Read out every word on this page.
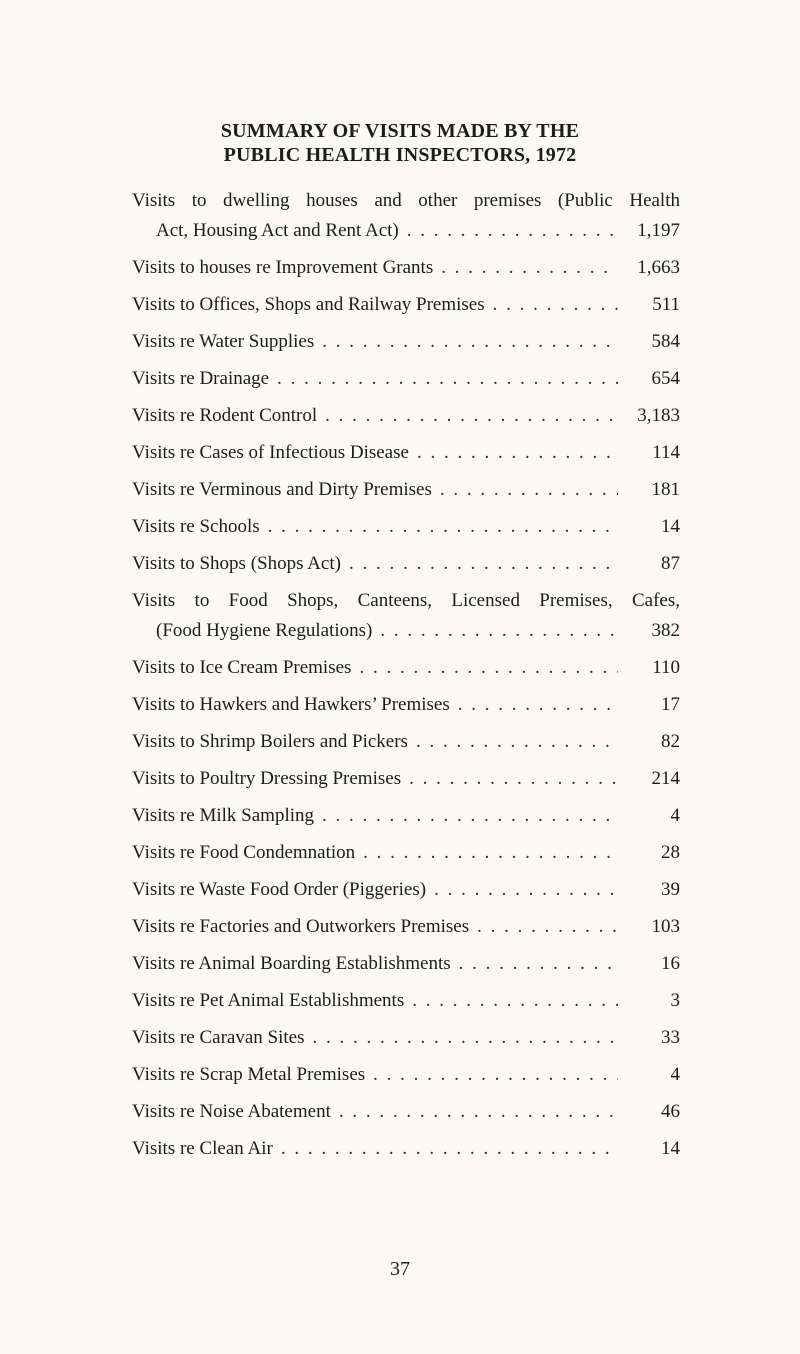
SUMMARY OF VISITS MADE BY THE
PUBLIC HEALTH INSPECTORS, 1972
Visits to dwelling houses and other premises (Public Health
Act, Housing Act and Rent Act) . . .	1,197
Visits to houses re Improvement Grants . . .	1,663
Visits to Offices, Shops and Railway Premises . . .	511
Visits re Water Supplies . . .	584
Visits re Drainage . . .	654
Visits re Rodent Control . . .	3,183
Visits re Cases of Infectious Disease . . .	114
Visits re Verminous and Dirty Premises . . .	181
Visits re Schools . . .	14
Visits to Shops (Shops Act) . . .	87
Visits to Food Shops, Canteens, Licensed Premises, Cafes,
(Food Hygiene Regulations) . . .	382
Visits to Ice Cream Premises . . .	110
Visits to Hawkers and Hawkers’ Premises . . .	17
Visits to Shrimp Boilers and Pickers . . .	82
Visits to Poultry Dressing Premises . . .	214
Visits re Milk Sampling . . .	4
Visits re Food Condemnation . . .	28
Visits re Waste Food Order (Piggeries) . . .	39
Visits re Factories and Outworkers Premises . . .	103
Visits re Animal Boarding Establishments . . .	16
Visits re Pet Animal Establishments . . .	3
Visits re Caravan Sites . . .	33
Visits re Scrap Metal Premises . . .	4
Visits re Noise Abatement . . .	46
Visits re Clean Air . . .	14
37
